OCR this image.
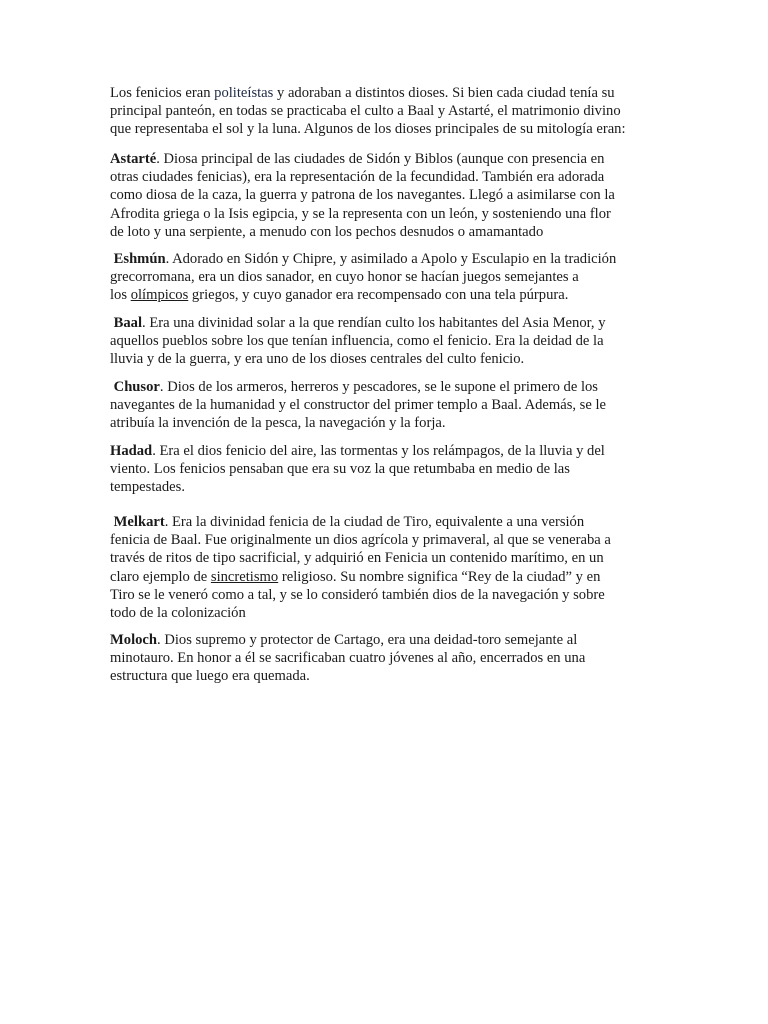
Los fenicios eran politeístas y adoraban a distintos dioses. Si bien cada ciudad tenía su
principal panteón, en todas se practicaba el culto a Baal y Astarté, el matrimonio divino
que representaba el sol y la luna. Algunos de los dioses principales de su mitología eran:
Astarté. Diosa principal de las ciudades de Sidón y Biblos (aunque con presencia en
otras ciudades fenicias), era la representación de la fecundidad. También era adorada
como diosa de la caza, la guerra y patrona de los navegantes. Llegó a asimilarse con la
Afrodita griega o la Isis egipcia, y se la representa con un león, y sosteniendo una flor
de loto y una serpiente, a menudo con los pechos desnudos o amamantado
Eshmún. Adorado en Sidón y Chipre, y asimilado a Apolo y Esculapio en la tradición
grecorromana, era un dios sanador, en cuyo honor se hacían juegos semejantes a
los olímpicos griegos, y cuyo ganador era recompensado con una tela púrpura.
Baal. Era una divinidad solar a la que rendían culto los habitantes del Asia Menor, y
aquellos pueblos sobre los que tenían influencia, como el fenicio. Era la deidad de la
lluvia y de la guerra, y era uno de los dioses centrales del culto fenicio.
Chusor. Dios de los armeros, herreros y pescadores, se le supone el primero de los
navegantes de la humanidad y el constructor del primer templo a Baal. Además, se le
atribuía la invención de la pesca, la navegación y la forja.
Hadad. Era el dios fenicio del aire, las tormentas y los relámpagos, de la lluvia y del
viento. Los fenicios pensaban que era su voz la que retumbaba en medio de las
tempestades.
Melkart. Era la divinidad fenicia de la ciudad de Tiro, equivalente a una versión
fenicia de Baal. Fue originalmente un dios agrícola y primaveral, al que se veneraba a
través de ritos de tipo sacrificial, y adquirió en Fenicia un contenido marítimo, en un
claro ejemplo de sincretismo religioso. Su nombre significa “Rey de la ciudad” y en
Tiro se le veneró como a tal, y se lo consideró también dios de la navegación y sobre
todo de la colonización
Moloch. Dios supremo y protector de Cartago, era una deidad-toro semejante al
minotauro. En honor a él se sacrificaban cuatro jóvenes al año, encerrados en una
estructura que luego era quemada.
